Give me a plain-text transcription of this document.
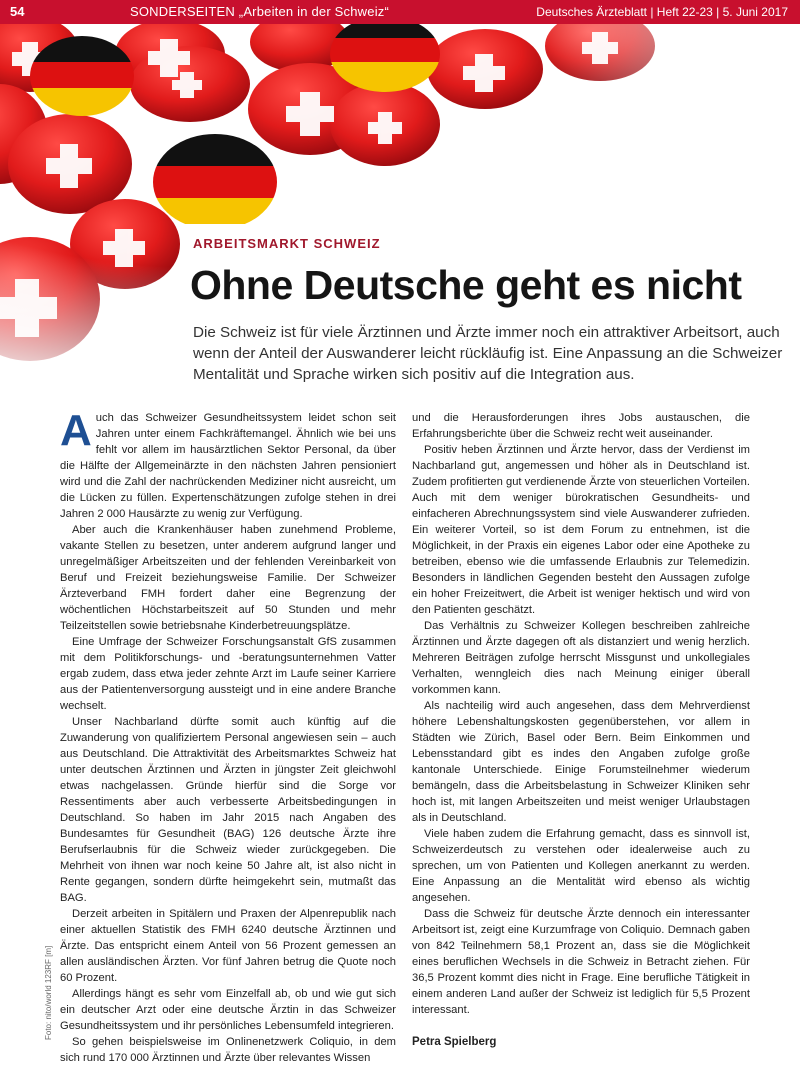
54	SONDERSEITEN „Arbeiten in der Schweiz“	Deutsches Ärzteblatt | Heft 22-23 | 5. Juni 2017
ARBEITSMARKT SCHWEIZ
Ohne Deutsche geht es nicht
Die Schweiz ist für viele Ärztinnen und Ärzte immer noch ein attraktiver Arbeitsort, auch wenn der Anteil der Auswanderer leicht rückläufig ist. Eine Anpassung an die Schweizer Mentalität und Sprache wirken sich positiv auf die Integration aus.

Auch das Schweizer Gesundheitssystem leidet schon seit Jahren unter einem Fachkräftemangel. Ähnlich wie bei uns fehlt vor allem im hausärztlichen Sektor Personal, da über die Hälfte der Allgemeinärzte in den nächsten Jahren pensioniert wird und die Zahl der nachrückenden Mediziner nicht ausreicht, um die Lücken zu füllen. Expertenschätzungen zufolge stehen in drei Jahren 2 000 Hausärzte zu wenig zur Verfügung.

Aber auch die Krankenhäuser haben zunehmend Probleme, vakante Stellen zu besetzen, unter anderem aufgrund langer und unregelmäßiger Arbeitszeiten und der fehlenden Vereinbarkeit von Beruf und Freizeit beziehungsweise Familie. Der Schweizer Ärzteverband FMH fordert daher eine Begrenzung der wöchentlichen Höchstarbeitszeit auf 50 Stunden und mehr Teilzeitstellen sowie betriebsnahe Kinderbetreuungsplätze.

Eine Umfrage der Schweizer Forschungsanstalt GfS zusammen mit dem Politikforschungs- und -beratungsunternehmen Vatter ergab zudem, dass etwa jeder zehnte Arzt im Laufe seiner Karriere aus der Patientenversorgung aussteigt und in eine andere Branche wechselt.

Unser Nachbarland dürfte somit auch künftig auf die Zuwanderung von qualifiziertem Personal angewiesen sein – auch aus Deutschland. Die Attraktivität des Arbeitsmarktes Schweiz hat unter deutschen Ärztinnen und Ärzten in jüngster Zeit gleichwohl etwas nachgelassen. Gründe hierfür sind die Sorge vor Ressentiments aber auch verbesserte Arbeitsbedingungen in Deutschland. So haben im Jahr 2015 nach Angaben des Bundesamtes für Gesundheit (BAG) 126 deutsche Ärzte ihre Berufserlaubnis für die Schweiz wieder zurückgegeben. Die Mehrheit von ihnen war noch keine 50 Jahre alt, ist also nicht in Rente gegangen, sondern dürfte heimgekehrt sein, mutmaßt das BAG.

Derzeit arbeiten in Spitälern und Praxen der Alpenrepublik nach einer aktuellen Statistik des FMH 6240 deutsche Ärztinnen und Ärzte. Das entspricht einem Anteil von 56 Prozent gemessen an allen ausländischen Ärzten. Vor fünf Jahren betrug die Quote noch 60 Prozent.

Allerdings hängt es sehr vom Einzelfall ab, ob und wie gut sich ein deutscher Arzt oder eine deutsche Ärztin in das Schweizer Gesundheitssystem und ihr persönliches Lebensumfeld integrieren.

So gehen beispielsweise im Onlinenetzwerk Coliquio, in dem sich rund 170 000 Ärztinnen und Ärzte über relevantes Wissen

und die Herausforderungen ihres Jobs austauschen, die Erfahrungsberichte über die Schweiz recht weit auseinander.

Positiv heben Ärztinnen und Ärzte hervor, dass der Verdienst im Nachbarland gut, angemessen und höher als in Deutschland ist. Zudem profitierten gut verdienende Ärzte von steuerlichen Vorteilen. Auch mit dem weniger bürokratischen Gesundheits- und einfacheren Abrechnungssystem sind viele Auswanderer zufrieden. Ein weiterer Vorteil, so ist dem Forum zu entnehmen, ist die Möglichkeit, in der Praxis ein eigenes Labor oder eine Apotheke zu betreiben, ebenso wie die umfassende Erlaubnis zur Telemedizin. Besonders in ländlichen Gegenden besteht den Aussagen zufolge ein hoher Freizeitwert, die Arbeit ist weniger hektisch und wird von den Patienten geschätzt.

Das Verhältnis zu Schweizer Kollegen beschreiben zahlreiche Ärztinnen und Ärzte dagegen oft als distanziert und wenig herzlich. Mehreren Beiträgen zufolge herrscht Missgunst und unkollegiales Verhalten, wenngleich dies nach Meinung einiger überall vorkommen kann.

Als nachteilig wird auch angesehen, dass dem Mehrverdienst höhere Lebenshaltungskosten gegenüberstehen, vor allem in Städten wie Zürich, Basel oder Bern. Beim Einkommen und Lebensstandard gibt es indes den Angaben zufolge große kantonale Unterschiede. Einige Forumsteilnehmer wiederum bemängeln, dass die Arbeitsbelastung in Schweizer Kliniken sehr hoch ist, mit langen Arbeitszeiten und meist weniger Urlaubstagen als in Deutschland.

Viele haben zudem die Erfahrung gemacht, dass es sinnvoll ist, Schweizerdeutsch zu verstehen oder idealerweise auch zu sprechen, um von Patienten und Kollegen anerkannt zu werden. Eine Anpassung an die Mentalität wird ebenso als wichtig angesehen.

Dass die Schweiz für deutsche Ärzte dennoch ein interessanter Arbeitsort ist, zeigt eine Kurzumfrage von Coliquio. Demnach gaben von 842 Teilnehmern 58,1 Prozent an, dass sie die Möglichkeit eines beruflichen Wechsels in die Schweiz in Betracht ziehen. Für 36,5 Prozent kommt dies nicht in Frage. Eine berufliche Tätigkeit in einem anderen Land außer der Schweiz ist lediglich für 5,5 Prozent interessant.

Petra Spielberg

Foto: nito/world 123RF [m]
